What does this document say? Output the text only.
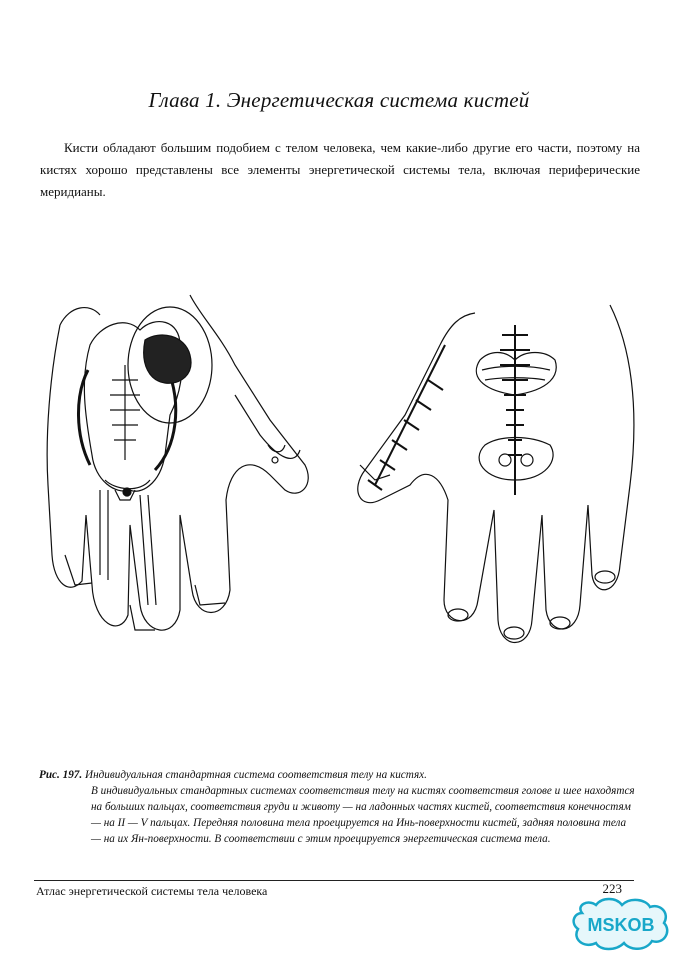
Глава 1. Энергетическая система кистей

Кисти обладают большим подобием с телом человека, чем какие-либо другие его части, поэтому на кистях хорошо представлены все элементы энергетической системы тела, включая периферические меридианы.

Рис. 197. Индивидуальная стандартная система соответствия телу на кистях.
В индивидуальных стандартных системах соответствия телу на кистях соответствия голове и шее находятся на больших пальцах, соответствия груди и животу — на ладонных частях кистей, соответствия конечностям — на II — V пальцах. Передняя половина тела проецируется на Инь-поверхности кистей, задняя половина тела — на их Ян-поверхности. В соответствии с этим проецируется энергетическая система тела.
Атлас энергетической системы тела человека	223
MSKOB
